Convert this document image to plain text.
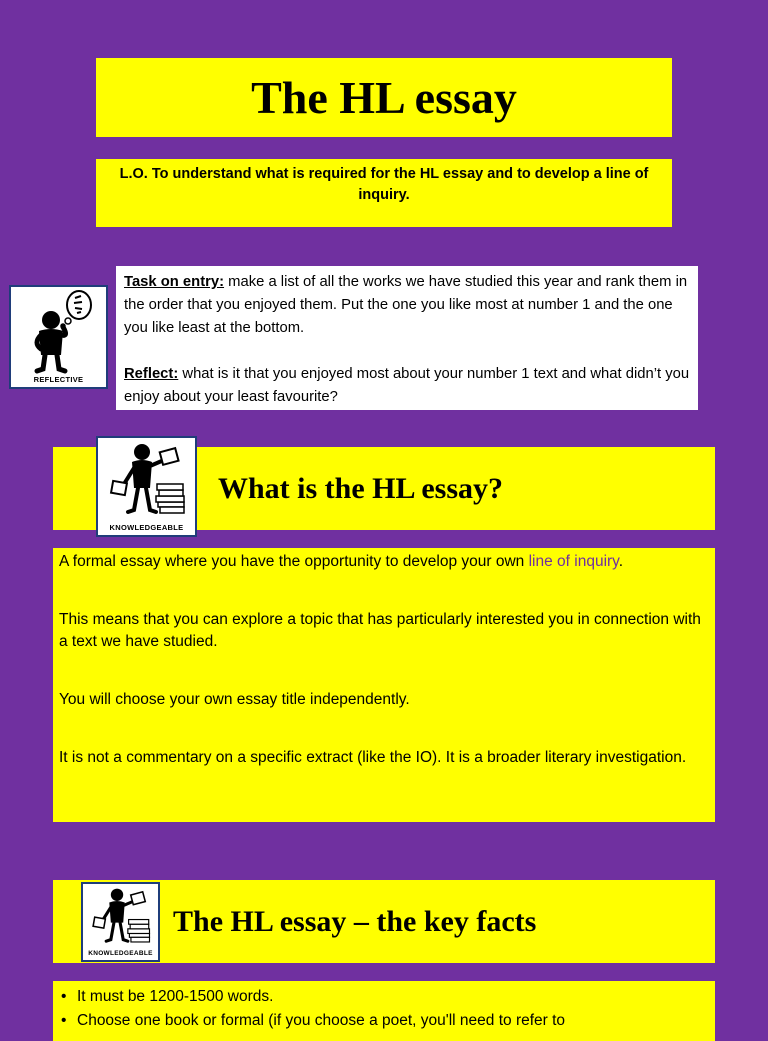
The HL essay

L.O. To understand what is required for the HL essay and to develop a line of inquiry.

REFLECTIVE

Task on entry: make a list of all the works we have studied this year and rank them in the order that you enjoyed them. Put the one you like most at number 1 and the one you like least at the bottom.

Reflect: what is it that you enjoyed most about your number 1 text and what didn’t you enjoy about your least favourite?

What is the HL essay?
KNOWLEDGEABLE

A formal essay where you have the opportunity to develop your own line of inquiry.

This means that you can explore a topic that has particularly interested you in connection with a text we have studied.

You will choose your own essay title independently.

It is not a commentary on a specific extract (like the IO). It is a broader literary investigation.

The HL essay – the key facts
KNOWLEDGEABLE
• It must be 1200-1500 words.
• Choose one book or formal (if you choose a poet, you'll need to refer to
